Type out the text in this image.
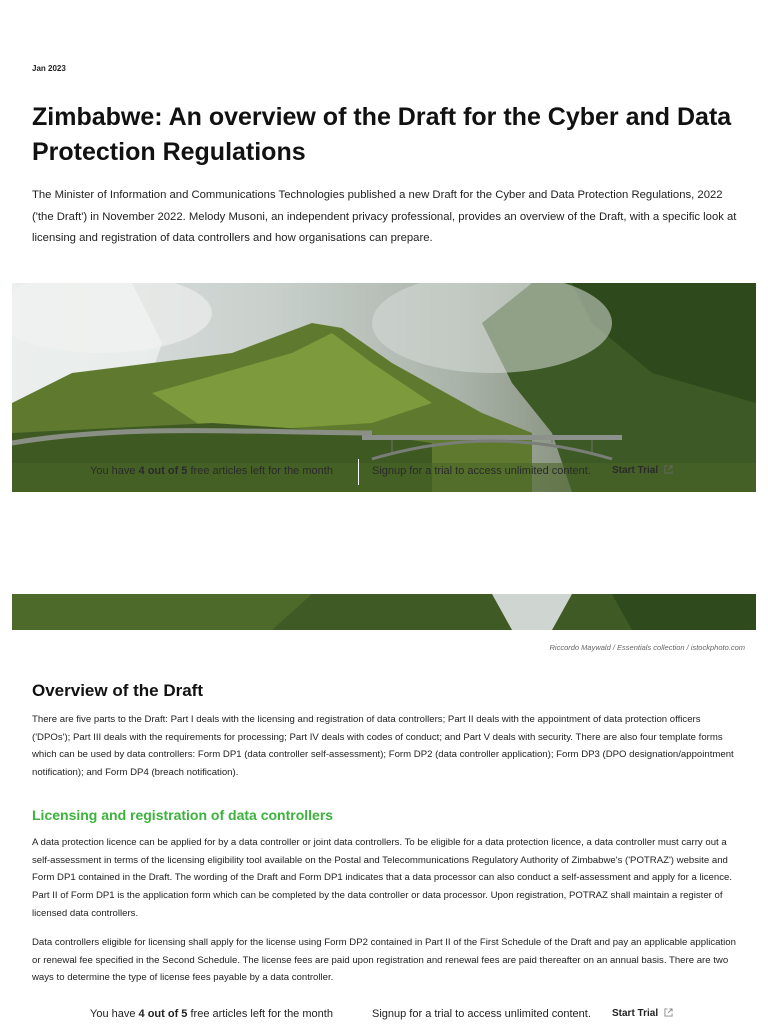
Jan 2023
Zimbabwe: An overview of the Draft for the Cyber and Data Protection Regulations

The Minister of Information and Communications Technologies published a new Draft for the Cyber and Data Protection Regulations, 2022 ('the Draft') in November 2022. Melody Musoni, an independent privacy professional, provides an overview of the Draft, with a specific look at licensing and registration of data controllers and how organisations can prepare.

You have 4 out of 5 free articles left for the month	Signup for a trial to access unlimited content. Start Trial
Riccordo Maywald / Essentials collection / istockphoto.com
Overview of the Draft

There are five parts to the Draft: Part I deals with the licensing and registration of data controllers; Part II deals with the appointment of data protection officers ('DPOs'); Part III deals with the requirements for processing; Part IV deals with codes of conduct; and Part V deals with security. There are also four template forms which can be used by data controllers: Form DP1 (data controller self-assessment); Form DP2 (data controller application); Form DP3 (DPO designation/appointment notification); and Form DP4 (breach notification).

Licensing and registration of data controllers

A data protection licence can be applied for by a data controller or joint data controllers. To be eligible for a data protection licence, a data controller must carry out a self-assessment in terms of the licensing eligibility tool available on the Postal and Telecommunications Regulatory Authority of Zimbabwe's ('POTRAZ') website and Form DP1 contained in the Draft. The wording of the Draft and Form DP1 indicates that a data processor can also conduct a self-assessment and apply for a licence. Part II of Form DP1 is the application form which can be completed by the data controller or data processor. Upon registration, POTRAZ shall maintain a register of licensed data controllers.

Data controllers eligible for licensing shall apply for the license using Form DP2 contained in Part II of the First Schedule of the Draft and pay an applicable application or renewal fee specified in the Second Schedule. The license fees are paid upon registration and renewal fees are paid thereafter on an annual basis. There are two ways to determine the type of license fees payable by a data controller.

You have 4 out of 5 free articles left for the month	Signup for a trial to access unlimited content. Start Trial
